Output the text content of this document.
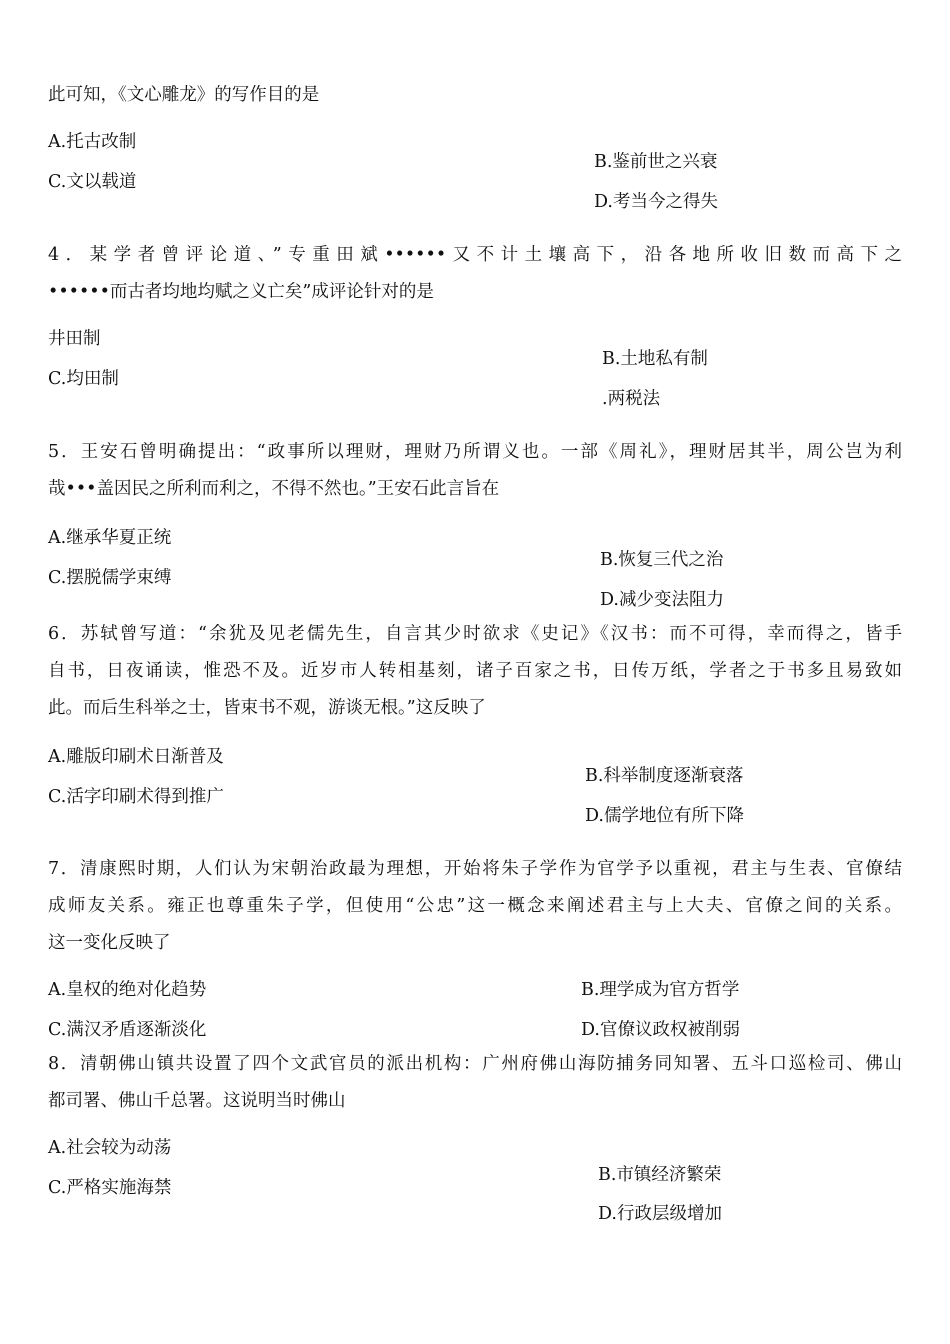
此可知，《文心雕龙》的写作目的是
A.托古改制
B.鉴前世之兴衰
C.文以载道
D.考当今之得失
4．某学者曾评论道、”专重田斌••••••又不计土壤高下，沿各地所收旧数而高下之
••••••而古者均地均赋之义亡矣”成评论针对的是
井田制
B.土地私有制
C.均田制
.两税法
5．王安石曾明确提出：“政事所以理财，理财乃所谓义也。一部《周礼》，理财居其半，周公岂为利
哉•••盖因民之所利而利之，不得不然也。”王安石此言旨在
A.继承华夏正统
B.恢复三代之治
C.摆脱儒学束缚
D.减少变法阻力
6．苏轼曾写道：“余犹及见老儒先生，自言其少时欲求《史记》《汉书：而不可得，幸而得之，皆手
自书，日夜诵读，惟恐不及。近岁市人转相基刻，诸子百家之书，日传万纸，学者之于书多且易致如
此。而后生科举之士，皆束书不观，游谈无根。”这反映了
A.雕版印刷术日渐普及
B.科举制度逐渐衰落
C.活字印刷术得到推广
D.儒学地位有所下降
7．清康熙时期，人们认为宋朝治政最为理想，开始将朱子学作为官学予以重视，君主与生表、官僚结
成师友关系。雍正也尊重朱子学，但使用“公忠”这一概念来阐述君主与上大夫、官僚之间的关系。
这一变化反映了
A.皇权的绝对化趋势	B.理学成为官方哲学
C.满汉矛盾逐渐淡化	D.官僚议政权被削弱
8．清朝佛山镇共设置了四个文武官员的派出机构：广州府佛山海防捕务同知署、五斗口巡检司、佛山
都司署、佛山千总署。这说明当时佛山
A.社会较为动荡
B.市镇经济繁荣
C.严格实施海禁
D.行政层级增加
